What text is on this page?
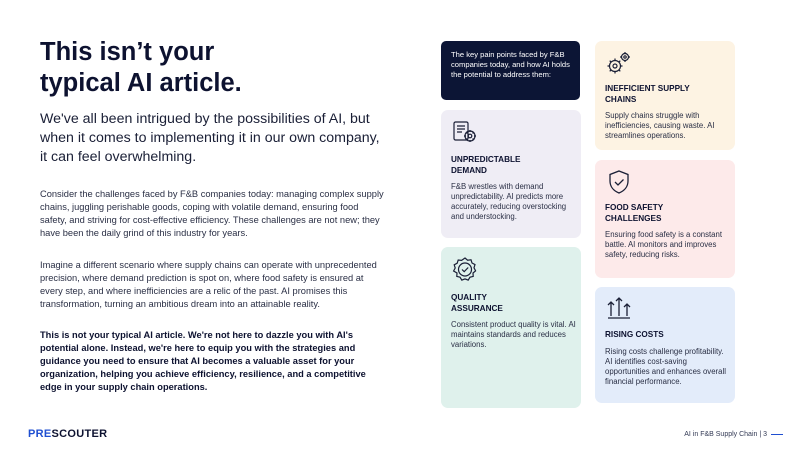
This isn’t your
typical AI article.
We've all been intrigued by the possibilities of AI, but when it comes to implementing it in our own company, it can feel overwhelming.
Consider the challenges faced by F&B companies today: managing complex supply chains, juggling perishable goods, coping with volatile demand, ensuring food safety, and striving for cost-effective efficiency. These challenges are not new; they have been the daily grind of this industry for years.
Imagine a different scenario where supply chains can operate with unprecedented precision, where demand prediction is spot on, where food safety is ensured at every step, and where inefficiencies are a relic of the past. AI promises this transformation, turning an ambitious dream into an attainable reality.
This is not your typical AI article. We're not here to dazzle you with AI's potential alone. Instead, we're here to equip you with the strategies and guidance you need to ensure that AI becomes a valuable asset for your organization, helping you achieve efficiency, resilience, and a competitive edge in your supply chain operations.
The key pain points faced by F&B companies today, and how AI holds the potential to address them:
UNPREDICTABLE
DEMAND
F&B wrestles with demand unpredictability. AI predicts more accurately, reducing overstocking and understocking.
QUALITY
ASSURANCE
Consistent product quality is vital. AI maintains standards and reduces variations.
INEFFICIENT SUPPLY
CHAINS
Supply chains struggle with inefficiencies, causing waste. AI streamlines operations.
FOOD SAFETY
CHALLENGES
Ensuring food safety is a constant battle. AI monitors and improves safety, reducing risks.
RISING COSTS
Rising costs challenge profitability. AI identifies cost-saving opportunities and enhances overall financial performance.
PRESCOUTER	AI in F&B Supply Chain | 3
